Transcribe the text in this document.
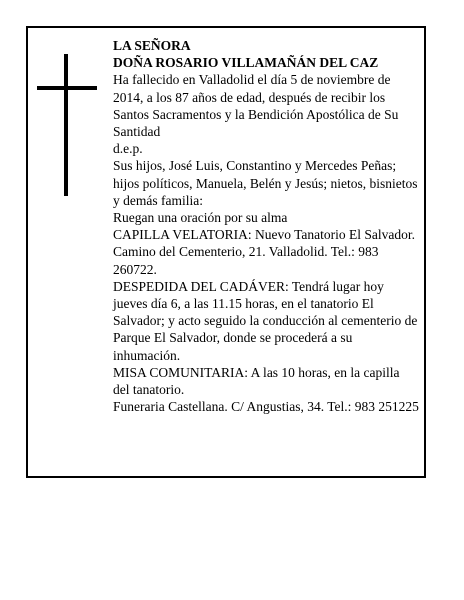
LA SEÑORA

DOÑA ROSARIO VILLAMAÑÁN DEL CAZ

Ha fallecido en Valladolid el día 5 de noviembre de 2014, a los 87 años de edad, después de recibir los Santos Sacramentos y la Bendición Apostólica de Su Santidad

d.e.p.

Sus hijos, José Luis, Constantino y Mercedes Peñas; hijos políticos, Manuela, Belén y Jesús; nietos, bisnietos y demás familia:

Ruegan una oración por su alma

CAPILLA VELATORIA: Nuevo Tanatorio El Salvador. Camino del Cementerio, 21. Valladolid. Tel.: 983 260722.

DESPEDIDA DEL CADÁVER: Tendrá lugar hoy jueves día 6, a las 11.15 horas, en el tanatorio El Salvador; y acto seguido la conducción al cementerio de Parque El Salvador, donde se procederá a su inhumación.

MISA COMUNITARIA: A las 10 horas, en la capilla del tanatorio.

Funeraria Castellana. C/ Angustias, 34. Tel.: 983 251225
